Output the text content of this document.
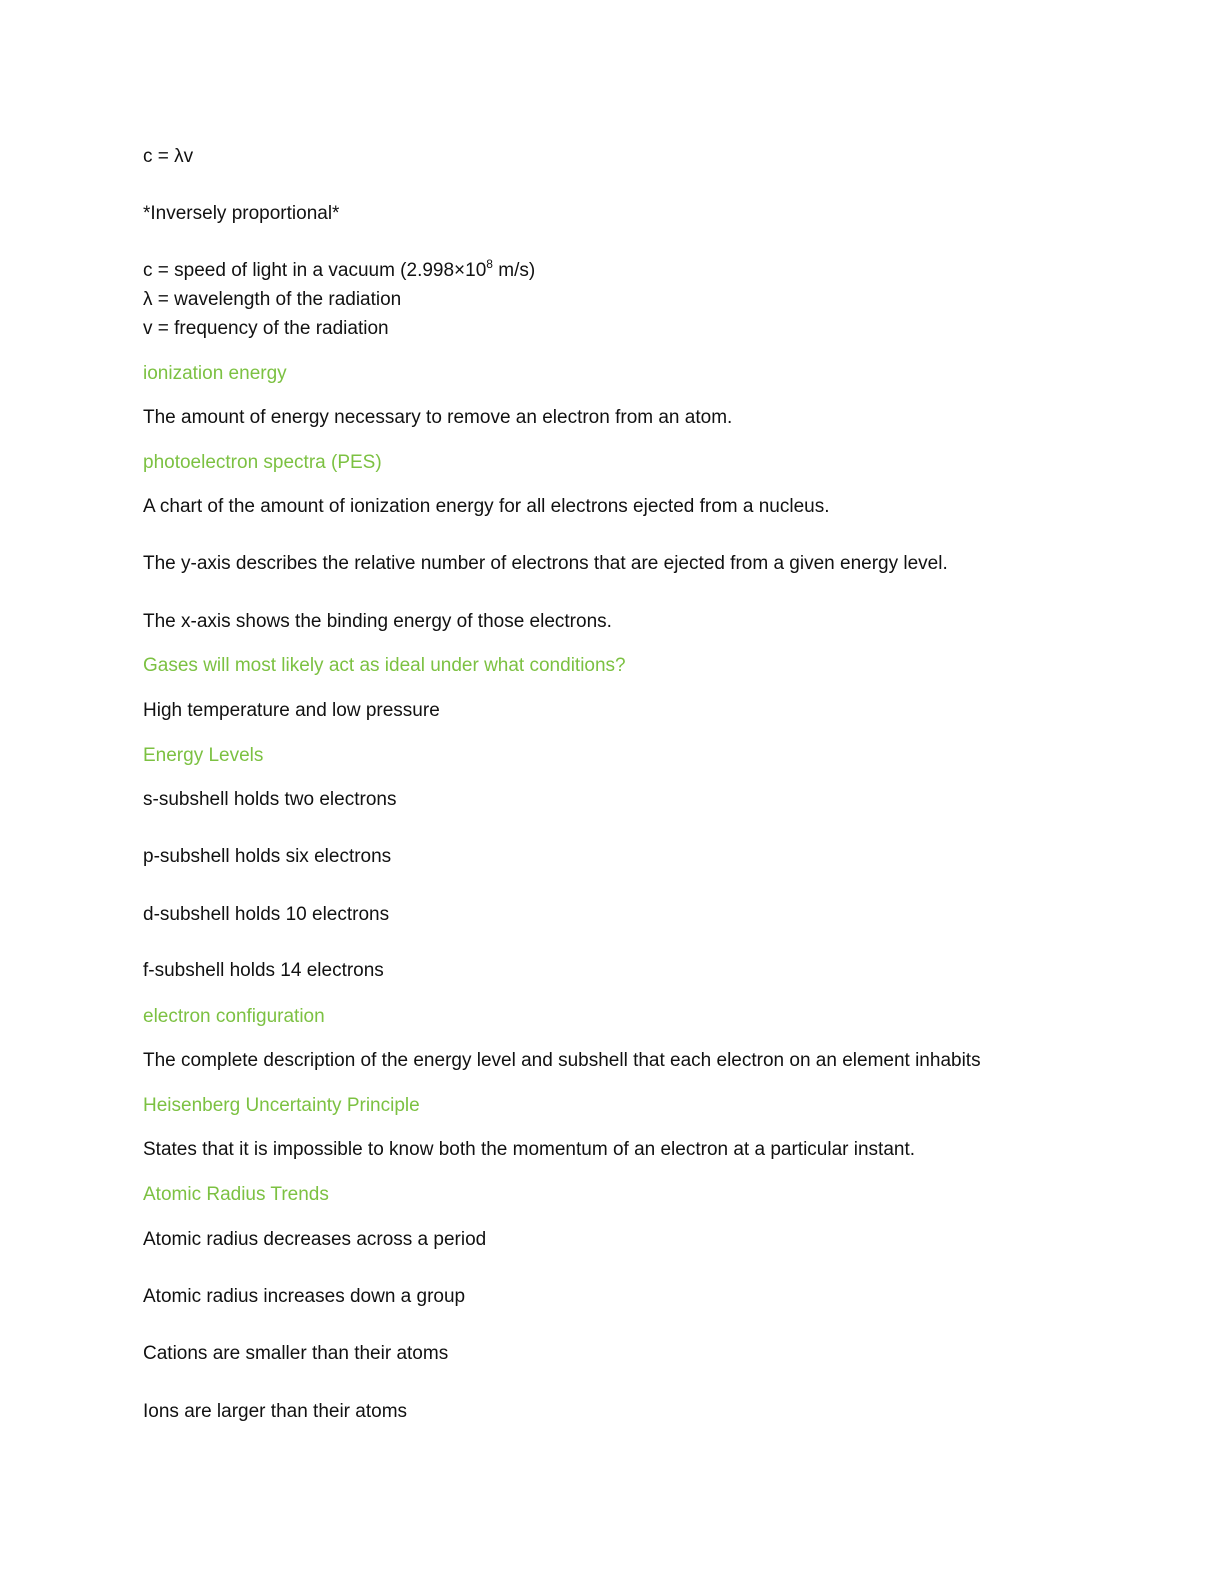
c = λv

*Inversely proportional*

c = speed of light in a vacuum ($2.998\times 10^8$ m/s)

λ = wavelength of the radiation

v = frequency of the radiation

ionization energy

The amount of energy necessary to remove an electron from an atom.

photoelectron spectra (PES)

A chart of the amount of ionization energy for all electrons ejected from a nucleus.

The y-axis describes the relative number of electrons that are ejected from a given energy level.

The x-axis shows the binding energy of those electrons.

Gases will most likely act as ideal under what conditions?

High temperature and low pressure

Energy Levels

s-subshell holds two electrons

p-subshell holds six electrons

d-subshell holds 10 electrons

f-subshell holds 14 electrons

electron configuration

The complete description of the energy level and subshell that each electron on an element inhabits

Heisenberg Uncertainty Principle

States that it is impossible to know both the momentum of an electron at a particular instant.

Atomic Radius Trends

Atomic radius decreases across a period

Atomic radius increases down a group

Cations are smaller than their atoms

Ions are larger than their atoms
